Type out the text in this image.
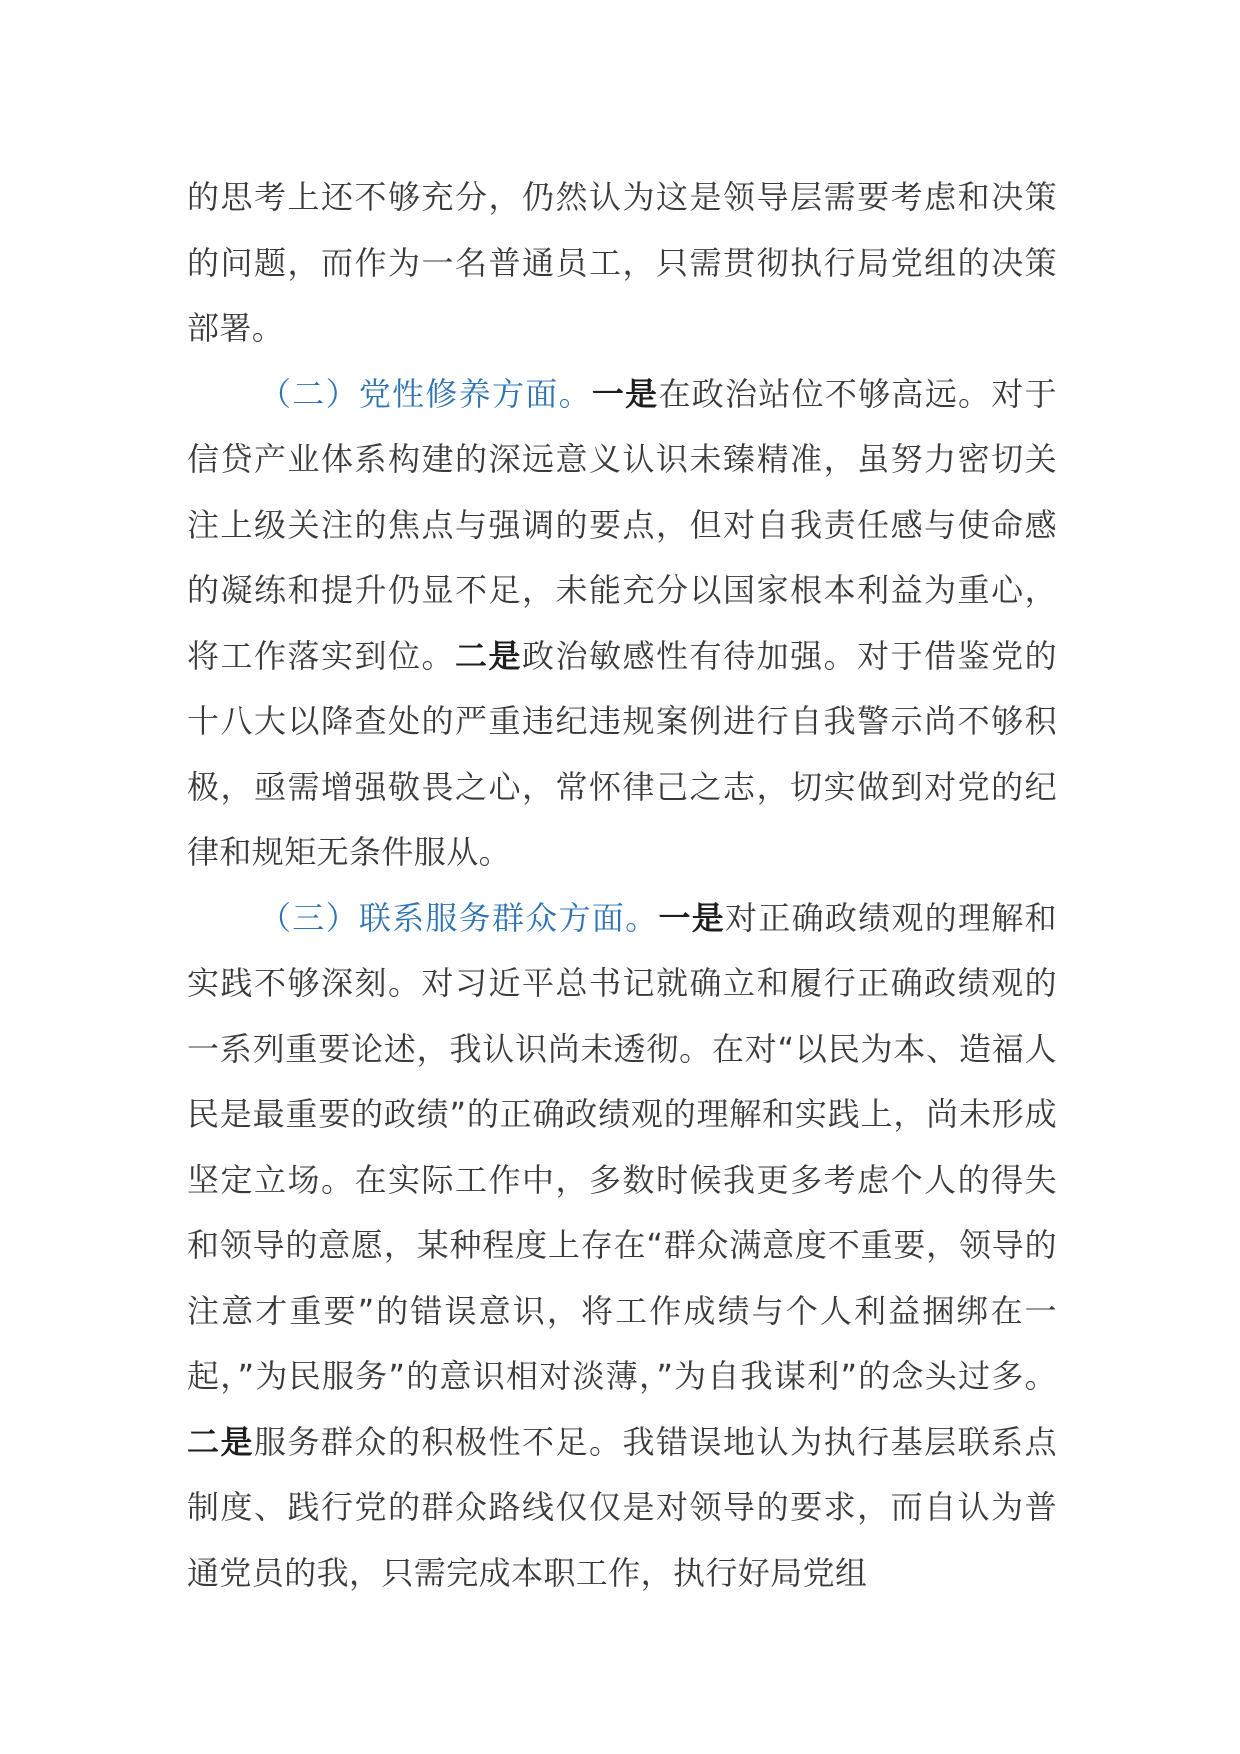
的思考上还不够充分，仍然认为这是领导层需要考虑和决策的问题，而作为一名普通员工，只需贯彻执行局党组的决策部署。

（二）党性修养方面。一是在政治站位不够高远。对于信贷产业体系构建的深远意义认识未臻精准，虽努力密切关注上级关注的焦点与强调的要点，但对自我责任感与使命感的凝练和提升仍显不足，未能充分以国家根本利益为重心，将工作落实到位。二是政治敏感性有待加强。对于借鉴党的十八大以降查处的严重违纪违规案例进行自我警示尚不够积极，亟需增强敬畏之心，常怀律己之志，切实做到对党的纪律和规矩无条件服从。

（三）联系服务群众方面。一是对正确政绩观的理解和实践不够深刻。对习近平总书记就确立和履行正确政绩观的一系列重要论述，我认识尚未透彻。在对“以民为本、造福人民是最重要的政绩”的正确政绩观的理解和实践上，尚未形成坚定立场。在实际工作中，多数时候我更多考虑个人的得失和领导的意愿，某种程度上存在“群众满意度不重要，领导的注意才重要”的错误意识，将工作成绩与个人利益捆绑在一起，”为民服务”的意识相对淡薄，”为自我谋利”的念头过多。二是服务群众的积极性不足。我错误地认为执行基层联系点制度、践行党的群众路线仅仅是对领导的要求，而自认为普通党员的我，只需完成本职工作，执行好局党组
